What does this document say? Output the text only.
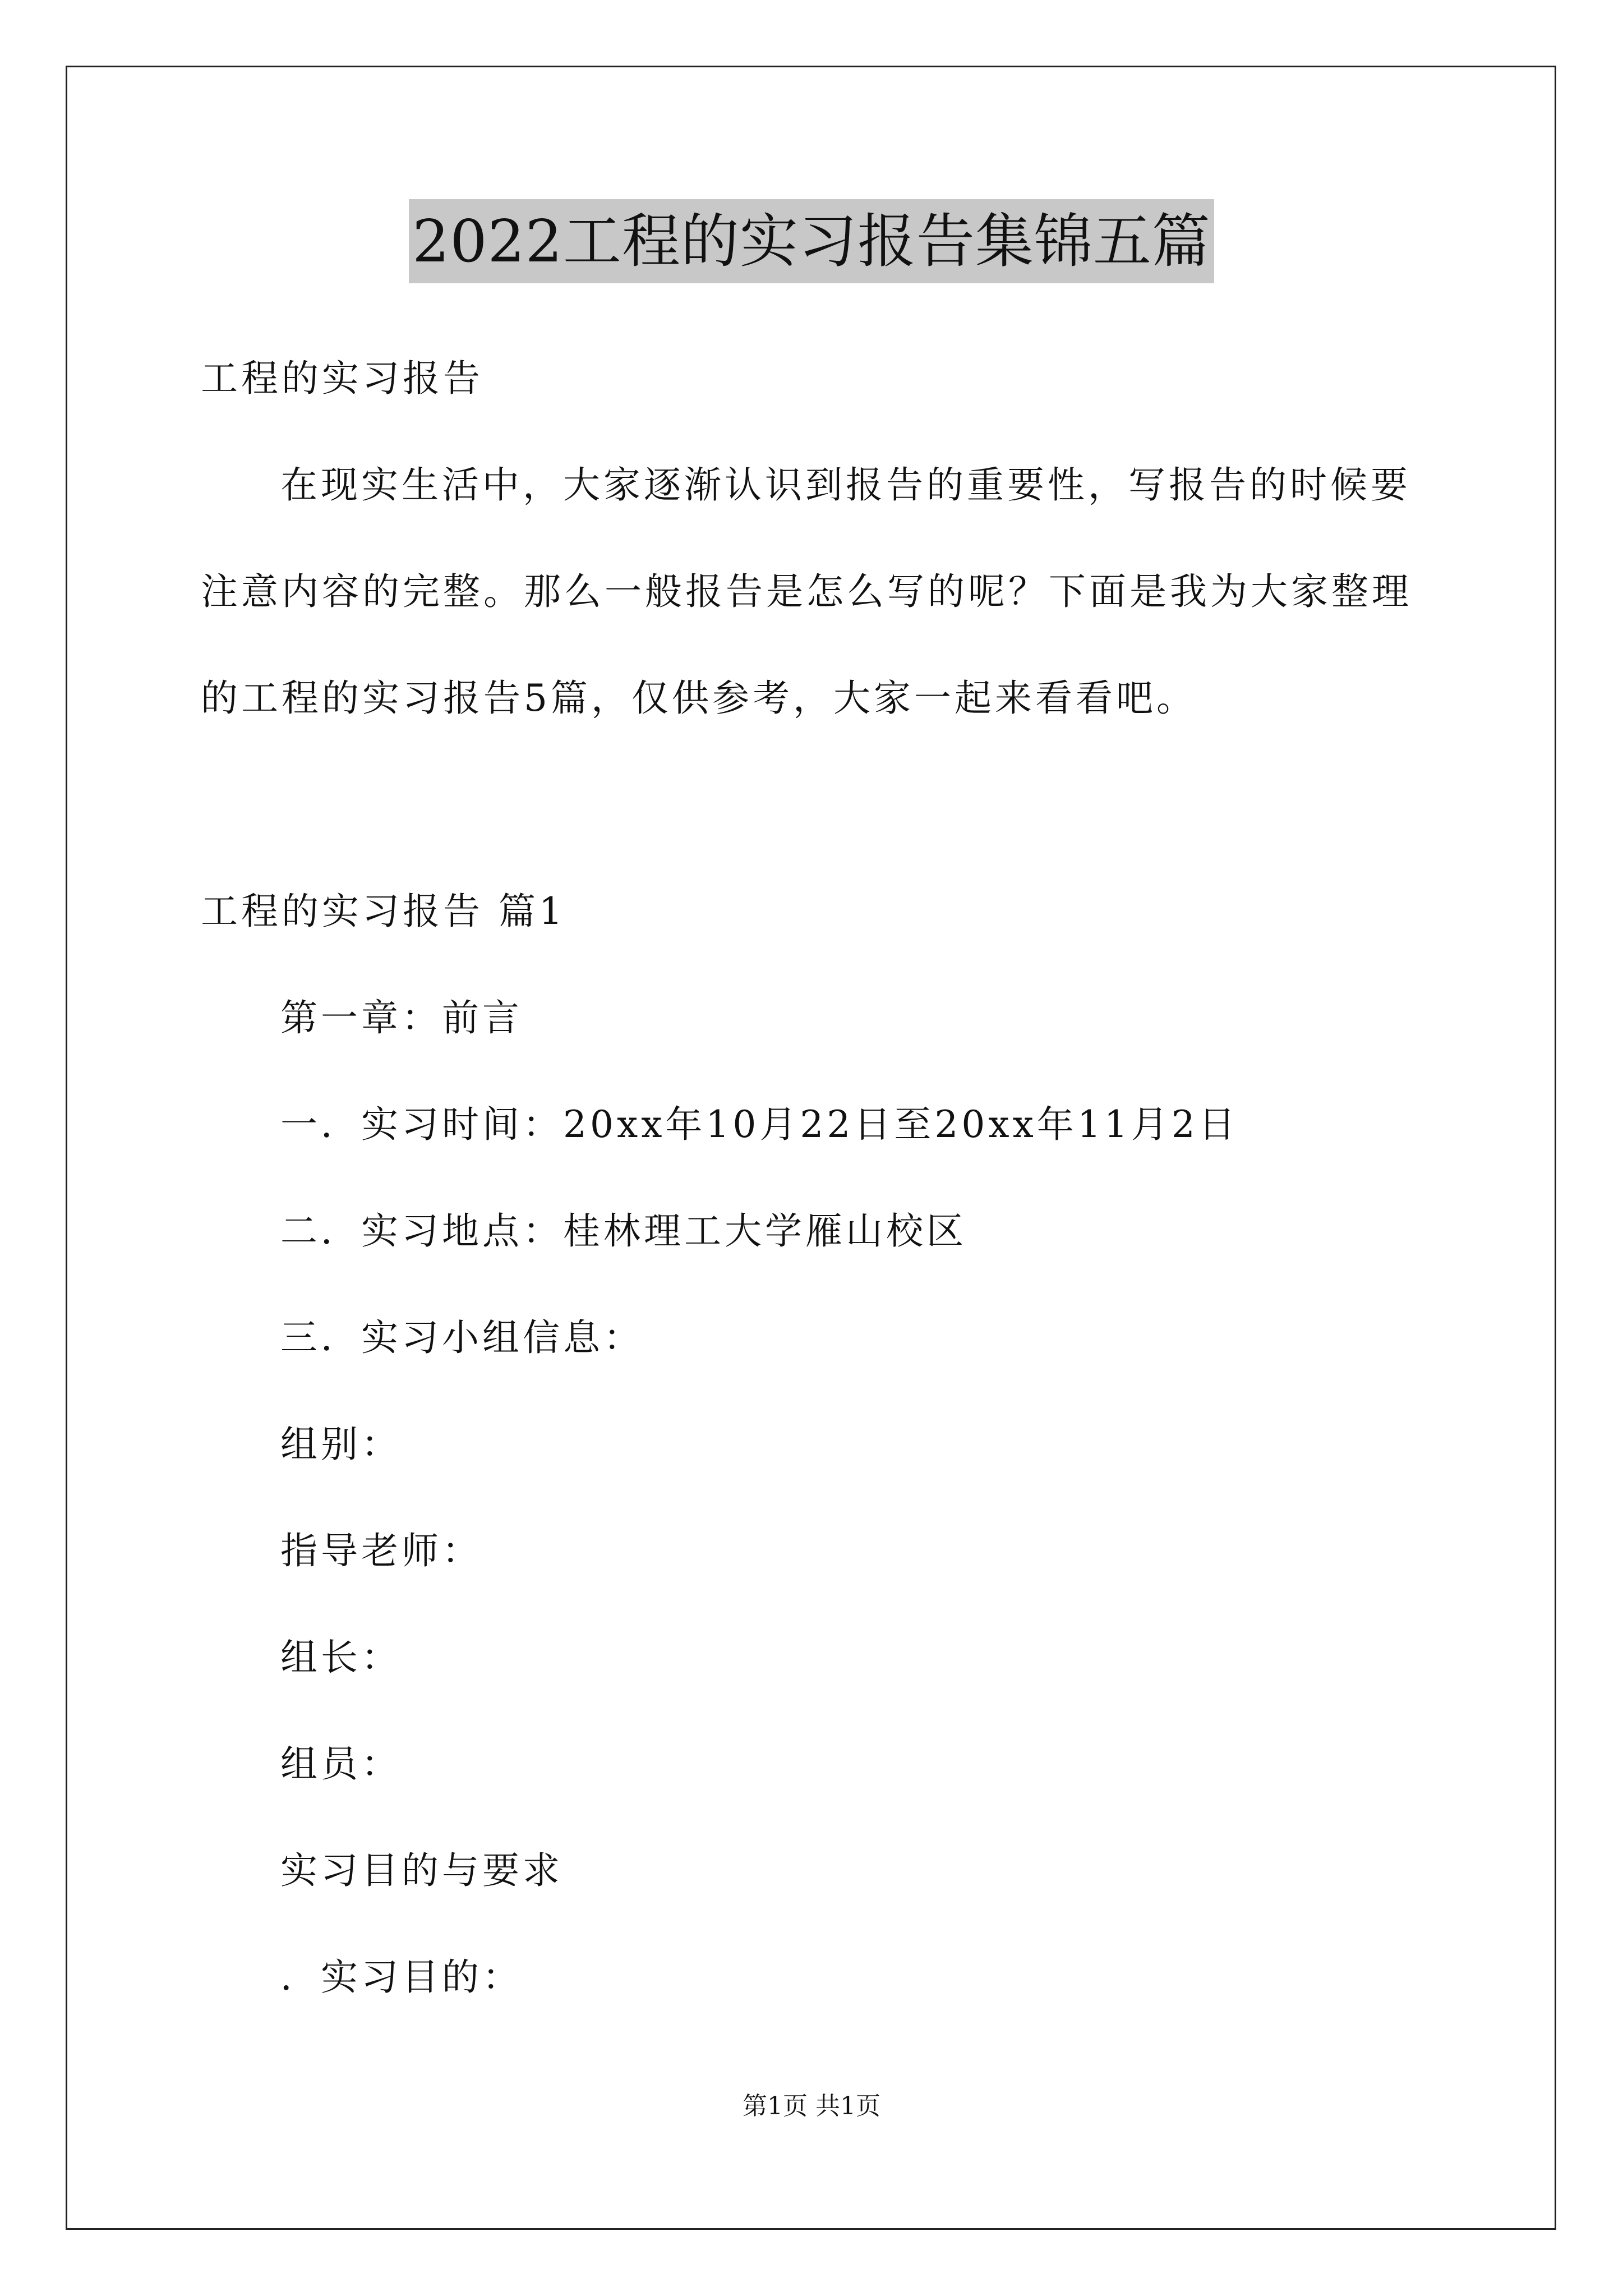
2022工程的实习报告集锦五篇
工程的实习报告
在现实生活中，大家逐渐认识到报告的重要性，写报告的时候要
注意内容的完整。那么一般报告是怎么写的呢？下面是我为大家整理
的工程的实习报告5篇，仅供参考，大家一起来看看吧。
工程的实习报告 篇1
第一章：前言
一．实习时间：20xx年10月22日至20xx年11月2日
二．实习地点：桂林理工大学雁山校区
三．实习小组信息：
组别：
指导老师：
组长：
组员：
实习目的与要求
．实习目的：
第1页 共1页
